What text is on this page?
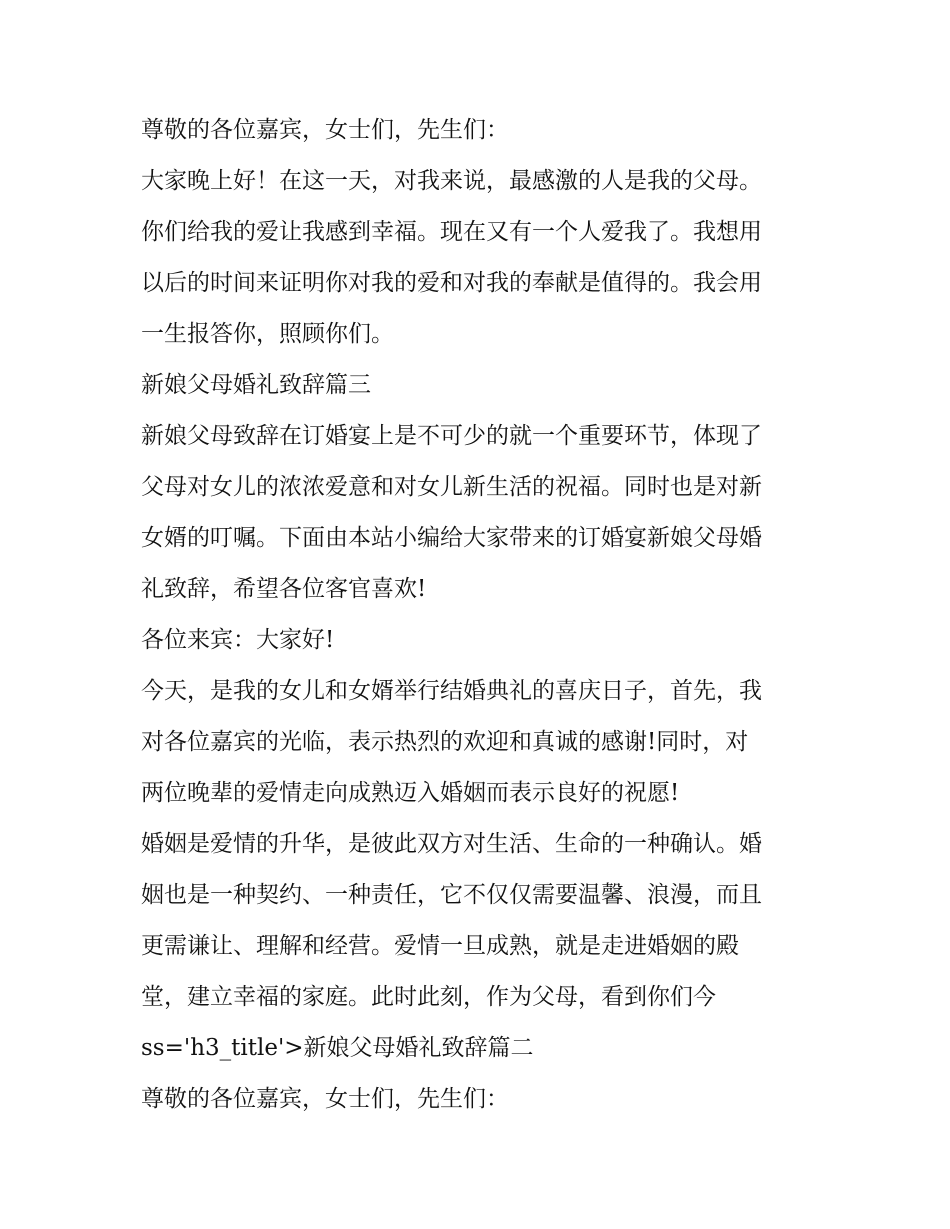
尊敬的各位嘉宾，女士们，先生们：
大家晚上好！在这一天，对我来说，最感激的人是我的父母。
你们给我的爱让我感到幸福。现在又有一个人爱我了。我想用
以后的时间来证明你对我的爱和对我的奉献是值得的。我会用
一生报答你，照顾你们。
新娘父母婚礼致辞篇三
新娘父母致辞在订婚宴上是不可少的就一个重要环节，体现了
父母对女儿的浓浓爱意和对女儿新生活的祝福。同时也是对新
女婿的叮嘱。下面由本站小编给大家带来的订婚宴新娘父母婚
礼致辞，希望各位客官喜欢!
各位来宾：大家好!
今天，是我的女儿和女婿举行结婚典礼的喜庆日子，首先，我
对各位嘉宾的光临，表示热烈的欢迎和真诚的感谢!同时，对
两位晚辈的爱情走向成熟迈入婚姻而表示良好的祝愿!
婚姻是爱情的升华，是彼此双方对生活、生命的一种确认。婚
姻也是一种契约、一种责任，它不仅仅需要温馨、浪漫，而且
更需谦让、理解和经营。爱情一旦成熟，就是走进婚姻的殿
堂，建立幸福的家庭。此时此刻，作为父母，看到你们今
ss='h3_title'>新娘父母婚礼致辞篇二
尊敬的各位嘉宾，女士们，先生们：
